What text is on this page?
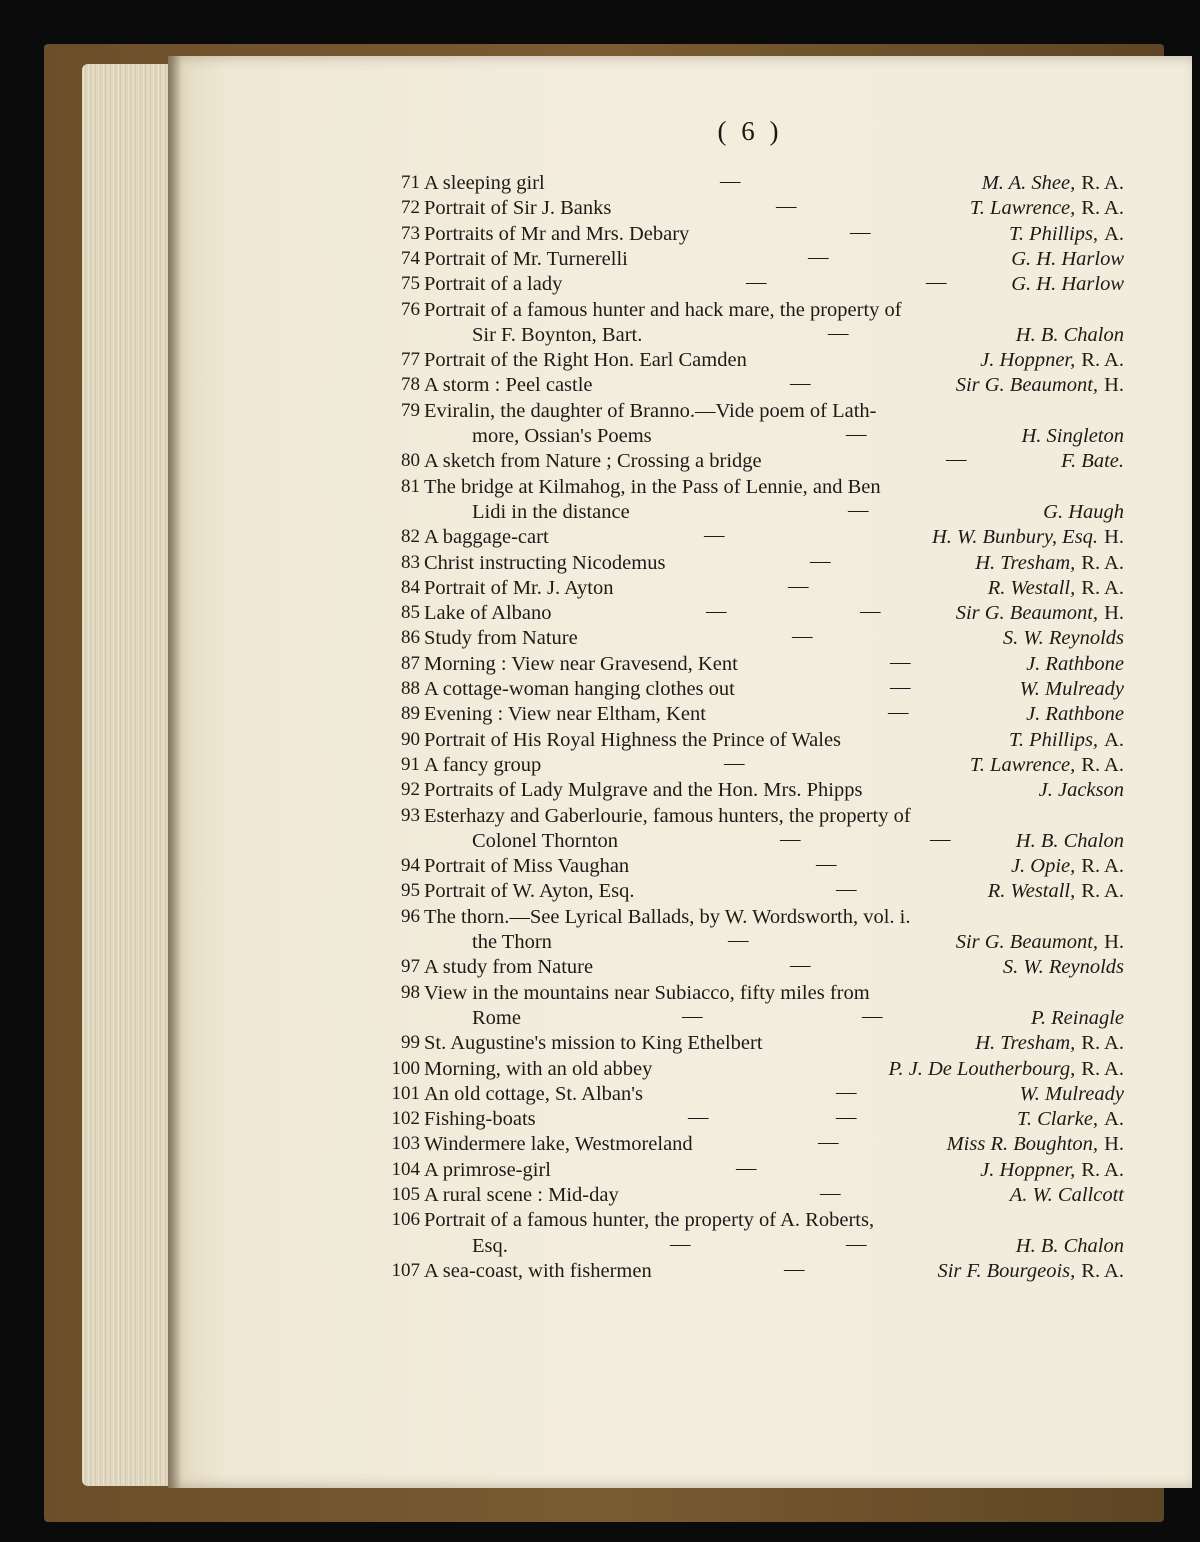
( 6 )
71 A sleeping girl	—	M. A. Shee, R. A.
72 Portrait of Sir J. Banks	—	T. Lawrence, R. A.
73 Portraits of Mr and Mrs. Debary	—	T. Phillips, A.
74 Portrait of Mr. Turnerelli	—	G. H. Harlow
75 Portrait of a lady	—	—	G. H. Harlow
76 Portrait of a famous hunter and hack mare, the property of
Sir F. Boynton, Bart.	—	H. B. Chalon
77 Portrait of the Right Hon. Earl Camden	J. Hoppner, R. A.
78 A storm : Peel castle	—	Sir G. Beaumont, H.
79 Eviralin, the daughter of Branno.—Vide poem of Lath-
more, Ossian's Poems	—	H. Singleton
80 A sketch from Nature ; Crossing a bridge	—	F. Bate.
81 The bridge at Kilmahog, in the Pass of Lennie, and Ben
Lidi in the distance	—	G. Haugh
82 A baggage-cart	—	H. W. Bunbury, Esq. H.
83 Christ instructing Nicodemus	—	H. Tresham, R. A.
84 Portrait of Mr. J. Ayton	—	R. Westall, R. A.
85 Lake of Albano	—	—	Sir G. Beaumont, H.
86 Study from Nature	—	S. W. Reynolds
87 Morning : View near Gravesend, Kent	—	J. Rathbone
88 A cottage-woman hanging clothes out	—	W. Mulready
89 Evening : View near Eltham, Kent	—	J. Rathbone
90 Portrait of His Royal Highness the Prince of Wales	T. Phillips, A.
91 A fancy group	—	T. Lawrence, R. A.
92 Portraits of Lady Mulgrave and the Hon. Mrs. Phipps	J. Jackson
93 Esterhazy and Gaberlourie, famous hunters, the property of
Colonel Thornton	—	—	H. B. Chalon
94 Portrait of Miss Vaughan	—	J. Opie, R. A.
95 Portrait of W. Ayton, Esq.	—	R. Westall, R. A.
96 The thorn.—See Lyrical Ballads, by W. Wordsworth, vol. i.
the Thorn	—	Sir G. Beaumont, H.
97 A study from Nature	—	S. W. Reynolds
98 View in the mountains near Subiacco, fifty miles from
Rome	—	—	P. Reinagle
99 St. Augustine's mission to King Ethelbert	H. Tresham, R. A.
100 Morning, with an old abbey	P. J. De Loutherbourg, R. A.
101 An old cottage, St. Alban's	—	W. Mulready
102 Fishing-boats	—	—	T. Clarke, A.
103 Windermere lake, Westmoreland	—	Miss R. Boughton, H.
104 A primrose-girl	—	J. Hoppner, R. A.
105 A rural scene : Mid-day	—	A. W. Callcott
106 Portrait of a famous hunter, the property of A. Roberts,
Esq.	—	—	H. B. Chalon
107 A sea-coast, with fishermen	—	Sir F. Bourgeois, R. A.
